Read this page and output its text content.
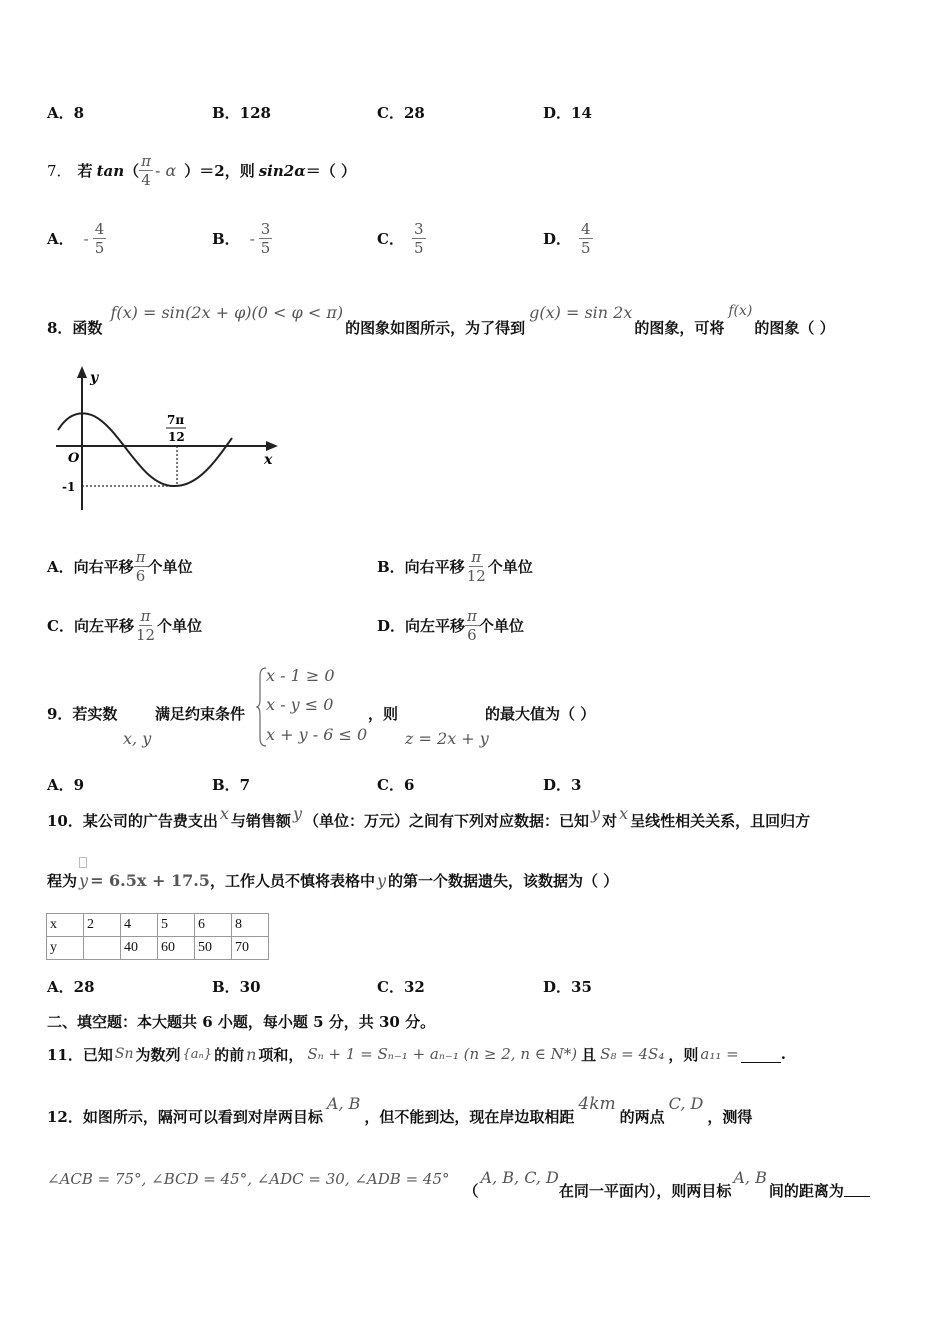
A．8	B．128	C．28	D．14
7． 若 tan （ $\frac{\pi}{4}$ - α ）＝2，则 sin2α ＝（ ）
A． - $\frac{4}{5}$	B． - $\frac{3}{5}$	C． $\frac{3}{5}$	D． $\frac{4}{5}$
8．函数
f(x) = sin(2x + φ)(0 < φ < π)
的图象如图所示，为了得到
g(x) = sin 2x
的图象，可将
f(x)
的图象（ ）
y
x
O
7π
12
-1
A．向右平移 $\frac{\pi}{6}$ 个单位	B．向右平移 $\frac{\pi}{12}$ 个单位
C．向左平移 $\frac{\pi}{12}$ 个单位	D．向左平移 $\frac{\pi}{6}$ 个单位
9．若实数
x, y
满足约束条件
x - 1 ≥ 0
x - y ≤ 0
x + y - 6 ≤ 0
，则
z = 2x + y
的最大值为（ ）
A．9	B．7	C．6	D．3
10．某公司的广告费支出 x 与销售额 y （单位：万元）之间有下列对应数据：已知 y 对 x 呈线性相关关系，且回归方
程为 y = 6.5x + 17.5 ，工作人员不慎将表格中 y 的第一个数据遗失，该数据为（ ）
x	2	4	5	6	8
y		40	60	50	70
A．28	B．30	C．32	D．35
二、填空题：本大题共 6 小题，每小题 5 分，共 30 分。
11．已知 Sn 为数列 {aₙ} 的前 n 项和， Sₙ + 1 = Sₙ₋₁ + aₙ₋₁ (n ≥ 2, n ∈ N*) 且 S₈ = 4S₄ ，则 a₁₁ =	.
12．如图所示，隔河可以看到对岸两目标
A, B
，但不能到达，现在岸边取相距
4km
的两点
C, D
，测得
∠ACB = 75°, ∠BCD = 45°, ∠ADC = 30, ∠ADB = 45°
（
A, B, C, D
在同一平面内），则两目标
A, B
间的距离为
